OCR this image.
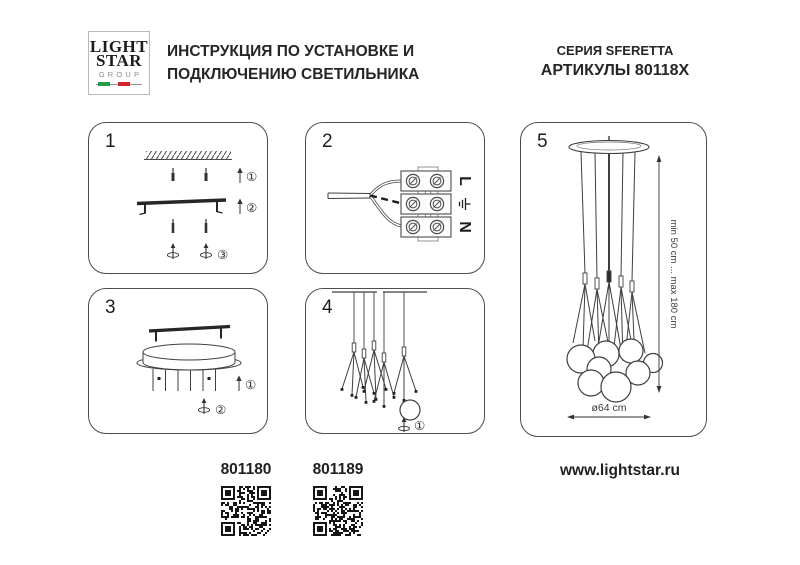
LIGHT
STAR
GROUP
ИНСТРУКЦИЯ ПО УСТАНОВКЕ И
ПОДКЛЮЧЕНИЮ СВЕТИЛЬНИКА
СЕРИЯ SFERETTA
АРТИКУЛЫ 80118X
1
①
②
③
2
L
N
3
①
②
4
①
5
min 50 cm ... max 180 cm
ø64 cm
801180	801189	www.lightstar.ru
